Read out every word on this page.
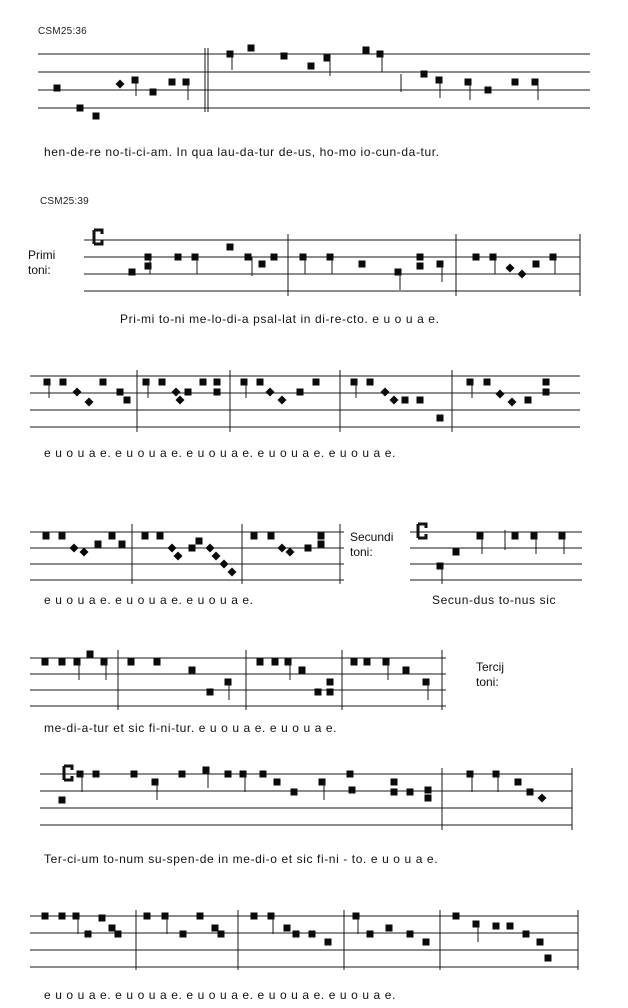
CSM25:36
hen-de-re no-ti-ci-am. In qua lau-da-tur de-us, ho-mo io-cun-da-tur.
CSM25:39
Primi
toni:
Pri-mi to-ni me-lo-di-a psal-lat in di-re-cto. e u o u a e.
e u o u a e. e u o u a e. e u o u a e. e u o u a e. e u o u a e.
Secundi
toni:
e u o u a e. e u o u a e. e u o u a e.	Secun-dus to-nus sic
Tercij
toni:
me-di-a-tur et sic fi-ni-tur. e u o u a e. e u o u a e.
Ter-ci-um to-num su-spen-de in me-di-o et sic fi-ni - to. e u o u a e.
e u o u a e. e u o u a e. e u o u a e. e u o u a e. e u o u a e.
